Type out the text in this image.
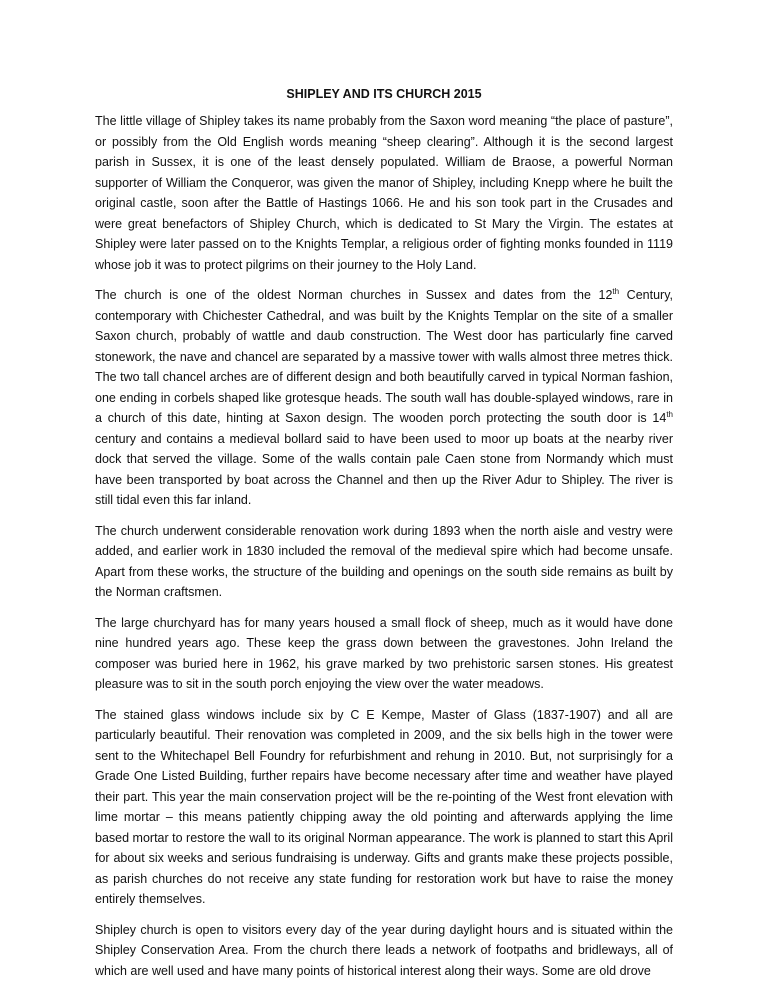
SHIPLEY AND ITS CHURCH 2015

The little village of Shipley takes its name probably from the Saxon word meaning “the place of pasture”, or possibly from the Old English words meaning “sheep clearing”. Although it is the second largest parish in Sussex, it is one of the least densely populated. William de Braose, a powerful Norman supporter of William the Conqueror, was given the manor of Shipley, including Knepp where he built the original castle, soon after the Battle of Hastings 1066. He and his son took part in the Crusades and were great benefactors of Shipley Church, which is dedicated to St Mary the Virgin. The estates at Shipley were later passed on to the Knights Templar, a religious order of fighting monks founded in 1119 whose job it was to protect pilgrims on their journey to the Holy Land.

The church is one of the oldest Norman churches in Sussex and dates from the 12th Century, contemporary with Chichester Cathedral, and was built by the Knights Templar on the site of a smaller Saxon church, probably of wattle and daub construction. The West door has particularly fine carved stonework, the nave and chancel are separated by a massive tower with walls almost three metres thick. The two tall chancel arches are of different design and both beautifully carved in typical Norman fashion, one ending in corbels shaped like grotesque heads. The south wall has double-splayed windows, rare in a church of this date, hinting at Saxon design. The wooden porch protecting the south door is 14th century and contains a medieval bollard said to have been used to moor up boats at the nearby river dock that served the village. Some of the walls contain pale Caen stone from Normandy which must have been transported by boat across the Channel and then up the River Adur to Shipley. The river is still tidal even this far inland.

The church underwent considerable renovation work during 1893 when the north aisle and vestry were added, and earlier work in 1830 included the removal of the medieval spire which had become unsafe. Apart from these works, the structure of the building and openings on the south side remains as built by the Norman craftsmen.

The large churchyard has for many years housed a small flock of sheep, much as it would have done nine hundred years ago. These keep the grass down between the gravestones. John Ireland the composer was buried here in 1962, his grave marked by two prehistoric sarsen stones. His greatest pleasure was to sit in the south porch enjoying the view over the water meadows.

The stained glass windows include six by C E Kempe, Master of Glass (1837-1907) and all are particularly beautiful. Their renovation was completed in 2009, and the six bells high in the tower were sent to the Whitechapel Bell Foundry for refurbishment and rehung in 2010. But, not surprisingly for a Grade One Listed Building, further repairs have become necessary after time and weather have played their part. This year the main conservation project will be the re-pointing of the West front elevation with lime mortar – this means patiently chipping away the old pointing and afterwards applying the lime based mortar to restore the wall to its original Norman appearance. The work is planned to start this April for about six weeks and serious fundraising is underway. Gifts and grants make these projects possible, as parish churches do not receive any state funding for restoration work but have to raise the money entirely themselves.

Shipley church is open to visitors every day of the year during daylight hours and is situated within the Shipley Conservation Area. From the church there leads a network of footpaths and bridleways, all of which are well used and have many points of historical interest along their ways. Some are old drove
